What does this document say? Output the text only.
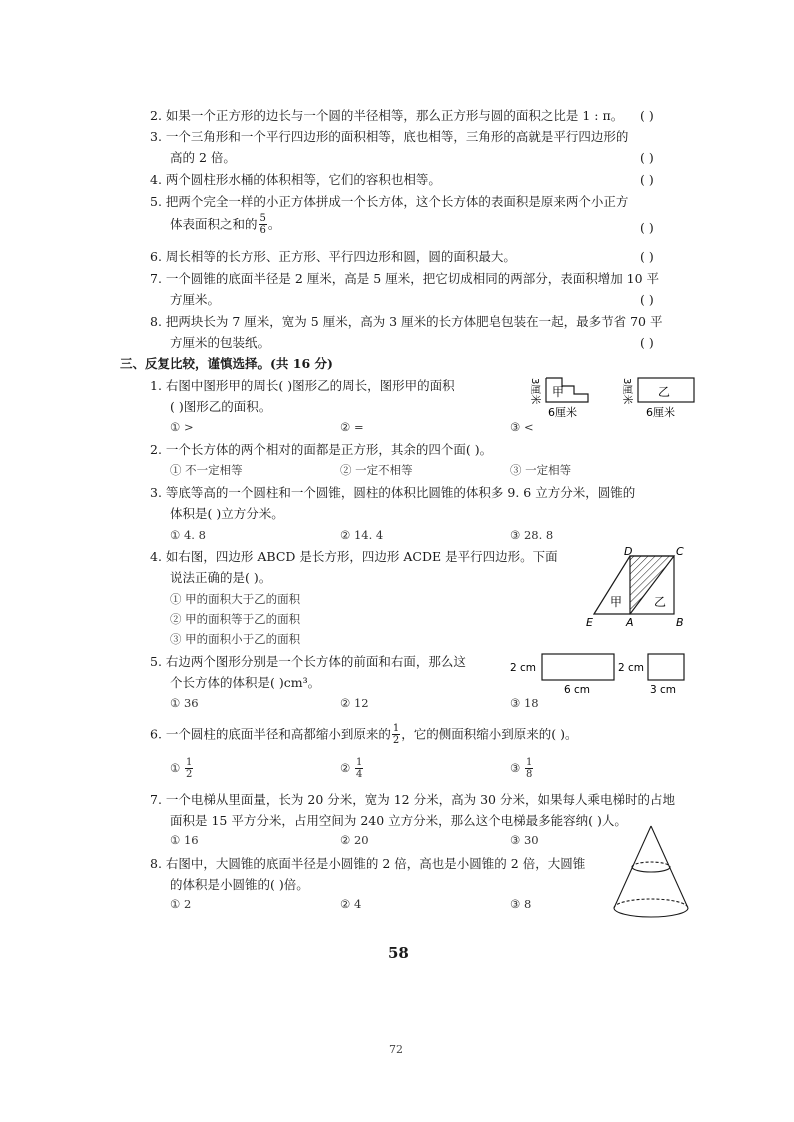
2. 如果一个正方形的边长与一个圆的半径相等，那么正方形与圆的面积之比是 1 : π。 ( )
3. 一个三角形和一个平行四边形的面积相等，底也相等，三角形的高就是平行四边形的
高的 2 倍。	( )
4. 两个圆柱形水桶的体积相等，它们的容积也相等。	( )
5. 把两个完全一样的小正方体拼成一个长方体，这个长方体的表面积是原来两个小正方
体表面积之和的 $\frac{5}{6}$ 。	( )
6. 周长相等的长方形、正方形、平行四边形和圆，圆的面积最大。	( )
7. 一个圆锥的底面半径是 2 厘米，高是 5 厘米，把它切成相同的两部分，表面积增加 10 平
方厘米。	( )
8. 把两块长为 7 厘米，宽为 5 厘米，高为 3 厘米的长方体肥皂包装在一起，最多节省 70 平
方厘米的包装纸。	( )
三、反复比较，谨慎选择。(共 16 分)
1. 右图中图形甲的周长( )图形乙的周长，图形甲的面积
( )图形乙的面积。
① >	② =	③ <
甲	乙
3厘米
6厘米
3厘米
6厘米
2. 一个长方体的两个相对的面都是正方形，其余的四个面( )。
① 不一定相等	② 一定不相等	③ 一定相等
3. 等底等高的一个圆柱和一个圆锥，圆柱的体积比圆锥的体积多 9. 6 立方分米，圆锥的
体积是( )立方分米。
① 4. 8	② 14. 4	③ 28. 8
4. 如右图，四边形 ABCD 是长方形，四边形 ACDE 是平行四边形。下面
说法正确的是( )。
① 甲的面积大于乙的面积
② 甲的面积等于乙的面积
③ 甲的面积小于乙的面积
D	C
E	A	B
甲	乙
5. 右边两个图形分别是一个长方体的前面和右面，那么这
个长方体的体积是( )cm³。
① 36	② 12	③ 18
2 cm
6 cm
2 cm
3 cm
6. 一个圆柱的底面半径和高都缩小到原来的 $\frac{1}{2}$ ，它的侧面积缩小到原来的( )。
① $\frac{1}{2}$	② $\frac{1}{4}$	③ $\frac{1}{8}$
7. 一个电梯从里面量，长为 20 分米，宽为 12 分米，高为 30 分米，如果每人乘电梯时的占地
面积是 15 平方分米，占用空间为 240 立方分米，那么这个电梯最多能容纳( )人。
① 16	② 20	③ 30
8. 右图中，大圆锥的底面半径是小圆锥的 2 倍，高也是小圆锥的 2 倍，大圆锥
的体积是小圆锥的( )倍。
① 2	② 4	③ 8
58
72
